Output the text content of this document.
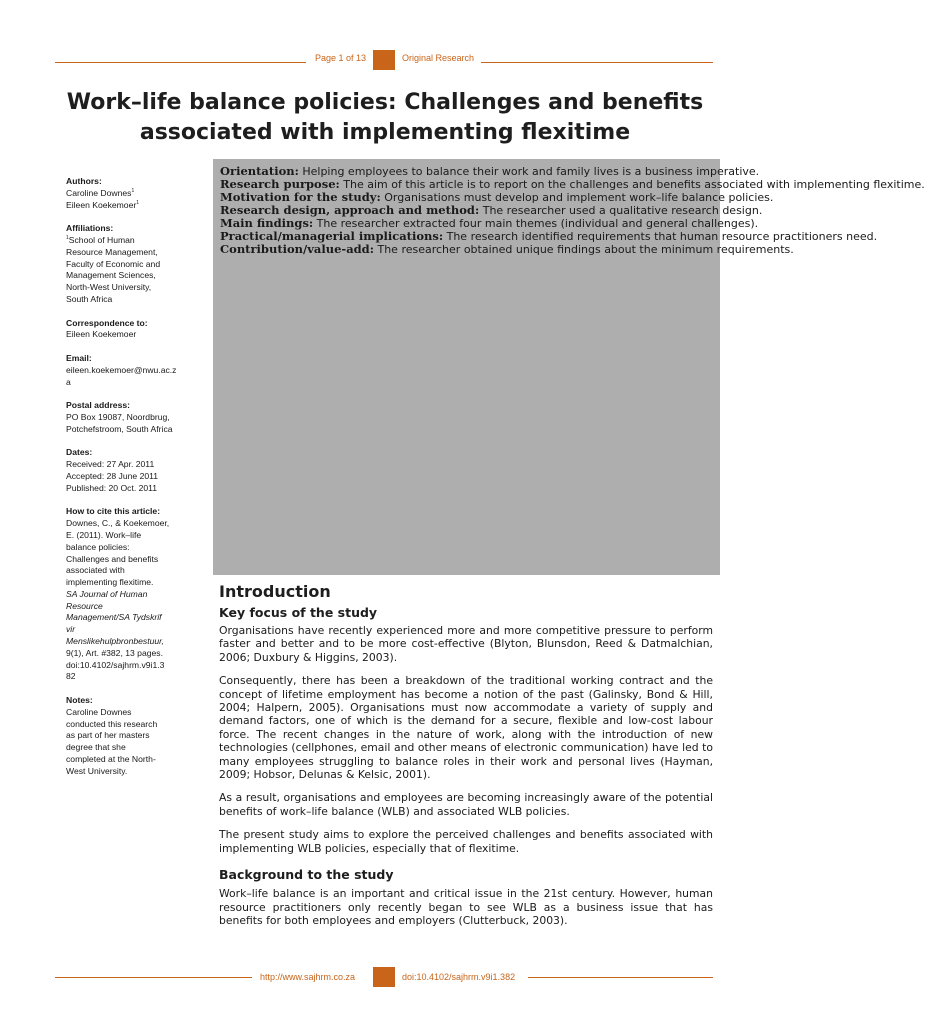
Page 1 of 13	Original Research
Work–life balance policies: Challenges and benefits associated with implementing flexitime
Authors:
Caroline Downes$^1$
Eileen Koekemoer$^1$
Affiliations:
$^1$School of Human
Resource Management,
Faculty of Economic and
Management Sciences,
North-West University,
South Africa
Correspondence to:
Eileen Koekemoer
Email:
eileen.koekemoer@nwu.ac.z
a
Postal address:
PO Box 19087, Noordbrug,
Potchefstroom, South Africa
Dates:
Received: 27 Apr. 2011
Accepted: 28 June 2011
Published: 20 Oct. 2011
How to cite this article:
Downes, C., & Koekemoer,
E. (2011). Work–life
balance policies:
Challenges and benefits
associated with
implementing flexitime.
SA Journal of Human
Resource
Management/SA Tydskrif
vir
Menslikehulpbronbestuur,
9(1), Art. #382, 13 pages.
doi:10.4102/sajhrm.v9i1.3
82
Notes:
Caroline Downes
conducted this research
as part of her masters
degree that she
completed at the North-
West University.
Orientation: Helping employees to balance their work and family lives is a business imperative.
Research purpose: The aim of this article is to report on the challenges and benefits associated with implementing flexitime.
Motivation for the study: Organisations must develop and implement work–life balance policies.
Research design, approach and method: The researcher used a qualitative research design.
Main findings: The researcher extracted four main themes (individual and general challenges).
Practical/managerial implications: The research identified requirements that human resource practitioners need.
Contribution/value-add: The researcher obtained unique findings about the minimum requirements.
Introduction
Key focus of the study

Organisations have recently experienced more and more competitive pressure to perform faster and better and to be more cost-effective (Blyton, Blunsdon, Reed & Datmalchian, 2006; Duxbury & Higgins, 2003).

Consequently, there has been a breakdown of the traditional working contract and the concept of lifetime employment has become a notion of the past (Galinsky, Bond & Hill, 2004; Halpern, 2005). Organisations must now accommodate a variety of supply and demand factors, one of which is the demand for a secure, flexible and low-cost labour force. The recent changes in the nature of work, along with the introduction of new technologies (cellphones, email and other means of electronic communication) have led to many employees struggling to balance roles in their work and personal lives (Hayman, 2009; Hobsor, Delunas & Kelsic, 2001).

As a result, organisations and employees are becoming increasingly aware of the potential benefits of work–life balance (WLB) and associated WLB policies.

The present study aims to explore the perceived challenges and benefits associated with implementing WLB policies, especially that of flexitime.

Background to the study

Work–life balance is an important and critical issue in the 21st century. However, human resource practitioners only recently began to see WLB as a business issue that has benefits for both employees and employers (Clutterbuck, 2003).

http://www.sajhrm.co.za	doi:10.4102/sajhrm.v9i1.382
